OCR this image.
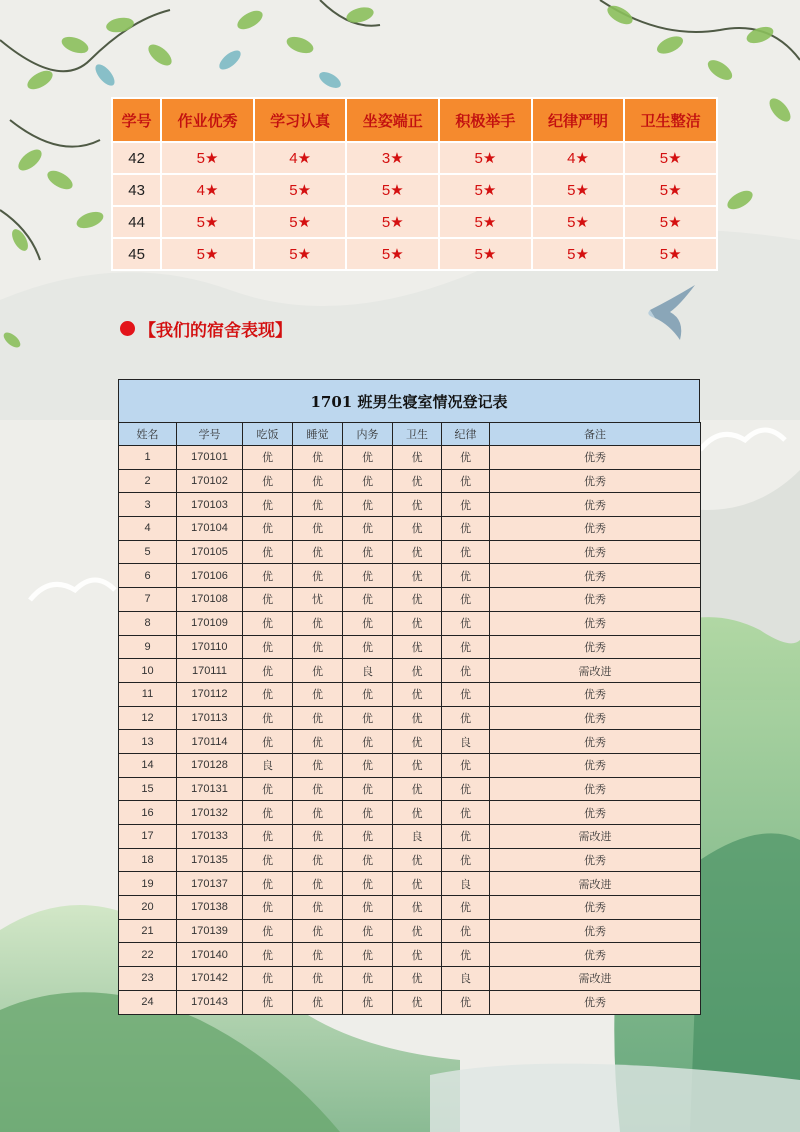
学号	作业优秀	学习认真	坐姿端正	积极举手	纪律严明	卫生整洁
42	5★	4★	3★	5★	4★	5★
43	4★	5★	5★	5★	5★	5★
44	5★	5★	5★	5★	5★	5★
45	5★	5★	5★	5★	5★	5★
【我们的宿舍表现】
1701 班男生寝室情况登记表
姓名	学号	吃饭	睡觉	内务	卫生	纪律	备注
1	170101	优	优	优	优	优	优秀
2	170102	优	优	优	优	优	优秀
3	170103	优	优	优	优	优	优秀
4	170104	优	优	优	优	优	优秀
5	170105	优	优	优	优	优	优秀
6	170106	优	优	优	优	优	优秀
7	170108	优	忧	优	优	优	优秀
8	170109	优	优	优	优	优	优秀
9	170110	优	优	优	优	优	优秀
10	170111	优	优	良	优	优	需改进
11	170112	优	优	优	优	优	优秀
12	170113	优	优	优	优	优	优秀
13	170114	优	优	优	优	良	优秀
14	170128	良	优	优	优	优	优秀
15	170131	优	优	优	优	优	优秀
16	170132	优	优	优	优	优	优秀
17	170133	优	优	优	良	优	需改进
18	170135	优	优	优	优	优	优秀
19	170137	优	优	优	优	良	需改进
20	170138	优	优	优	优	优	优秀
21	170139	优	优	优	优	优	优秀
22	170140	优	优	优	优	优	优秀
23	170142	优	优	优	优	良	需改进
24	170143	优	优	优	优	优	优秀
